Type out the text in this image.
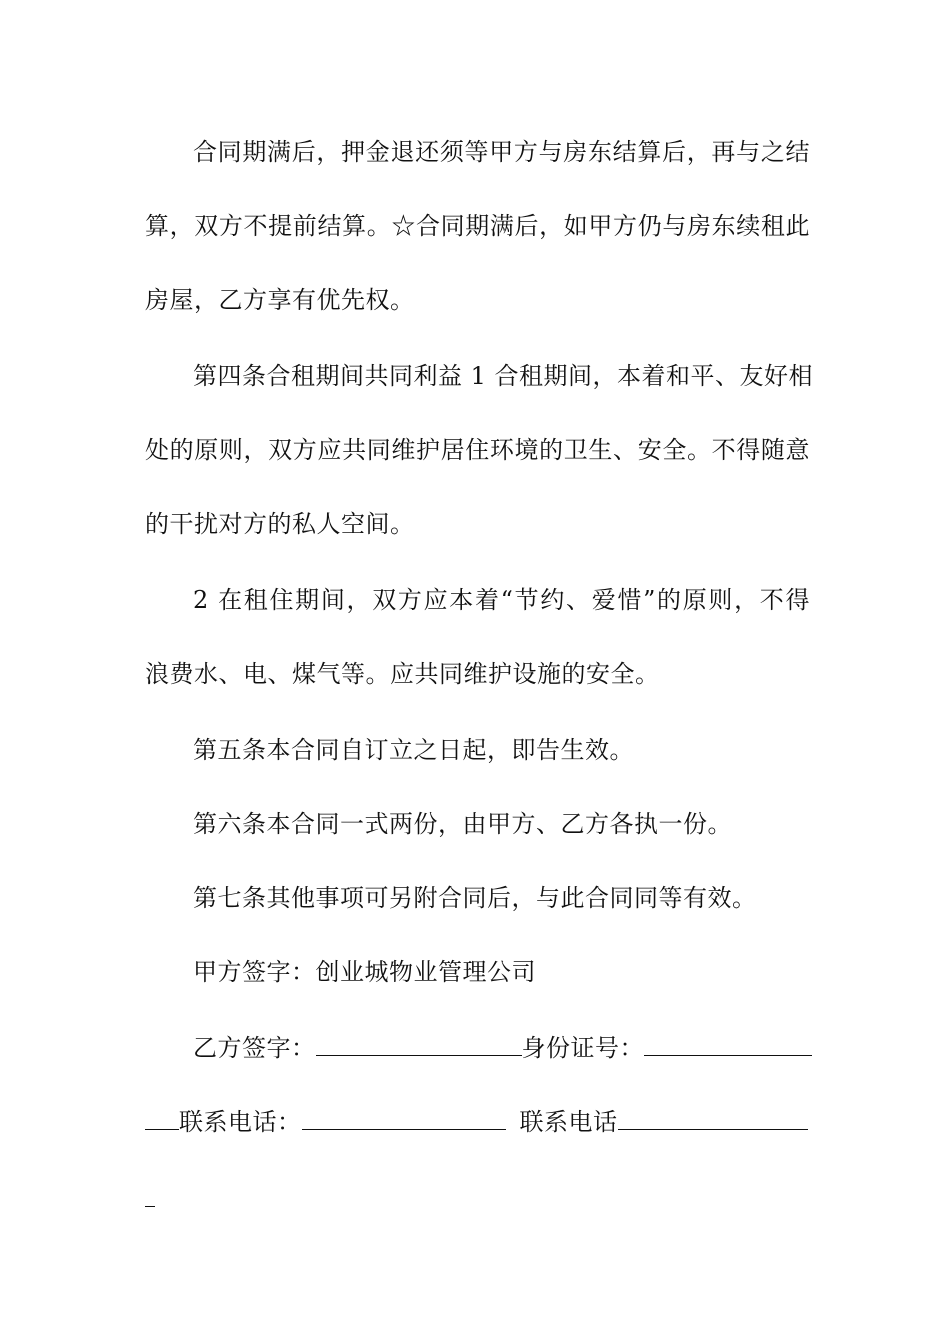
合同期满后，押金退还须等甲方与房东结算后，再与之结
算，双方不提前结算。☆合同期满后，如甲方仍与房东续租此
房屋，乙方享有优先权。
第四条合租期间共同利益 1 合租期间，本着和平、友好相
处的原则，双方应共同维护居住环境的卫生、安全。不得随意
的干扰对方的私人空间。
2 在租住期间，双方应本着“节约、爱惜”的原则，不得
浪费水、电、煤气等。应共同维护设施的安全。
第五条本合同自订立之日起，即告生效。
第六条本合同一式两份，由甲方、乙方各执一份。
第七条其他事项可另附合同后，与此合同同等有效。
甲方签字：创业城物业管理公司
乙方签字：	身份证号：
联系电话：	联系电话
